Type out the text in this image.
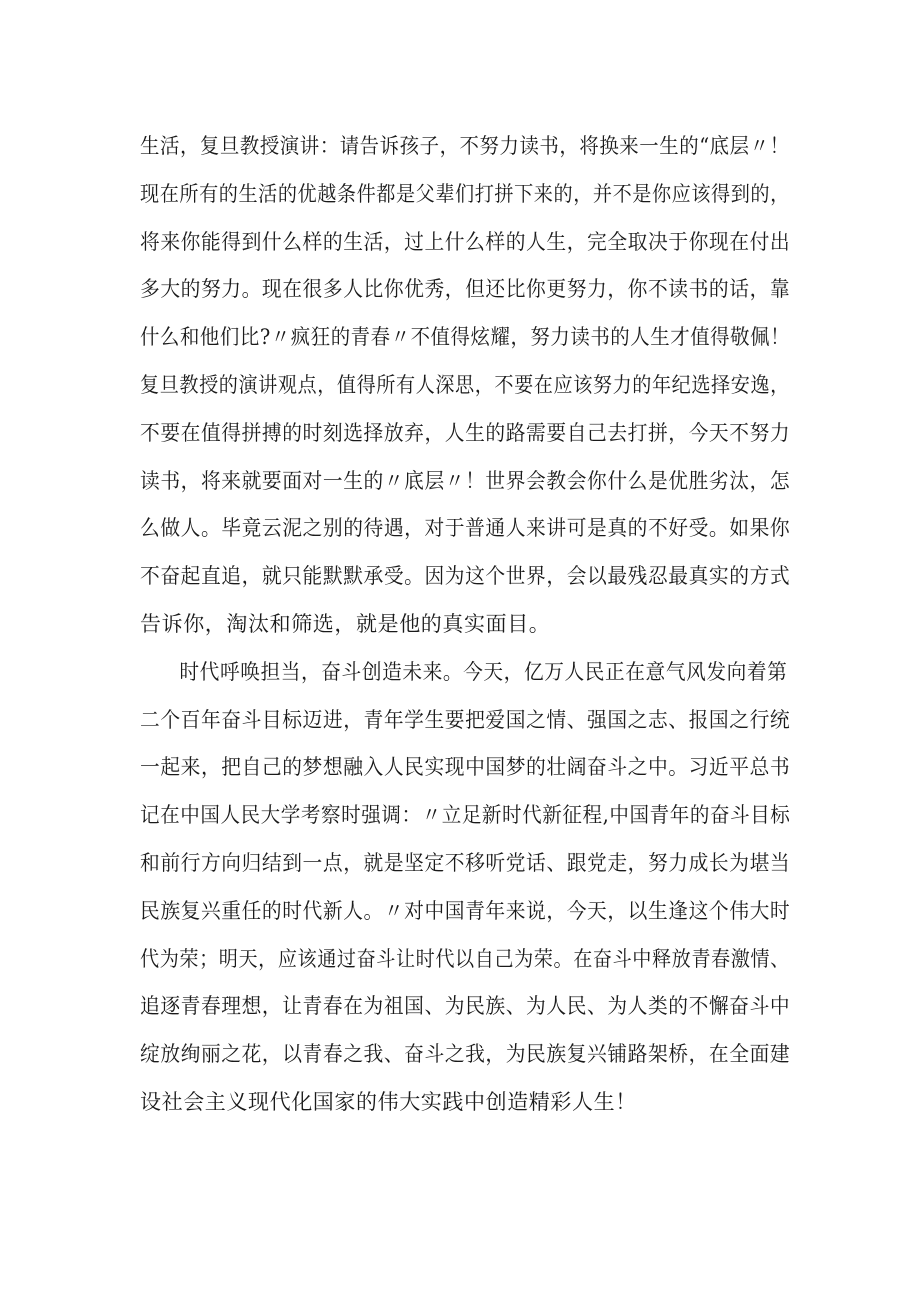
生活，复旦教授演讲：请告诉孩子，不努力读书，将换来一生的“底层〃！
现在所有的生活的优越条件都是父辈们打拼下来的，并不是你应该得到的，
将来你能得到什么样的生活，过上什么样的人生，完全取决于你现在付出
多大的努力。现在很多人比你优秀，但还比你更努力，你不读书的话，靠
什么和他们比?〃疯狂的青春〃不值得炫耀，努力读书的人生才值得敬佩！
复旦教授的演讲观点，值得所有人深思，不要在应该努力的年纪选择安逸，
不要在值得拼搏的时刻选择放弃，人生的路需要自己去打拼，今天不努力
读书，将来就要面对一生的〃底层〃！世界会教会你什么是优胜劣汰，怎
么做人。毕竟云泥之别的待遇，对于普通人来讲可是真的不好受。如果你
不奋起直追，就只能默默承受。因为这个世界，会以最残忍最真实的方式
告诉你，淘汰和筛选，就是他的真实面目。
时代呼唤担当，奋斗创造未来。今天，亿万人民正在意气风发向着第
二个百年奋斗目标迈进，青年学生要把爱国之情、强国之志、报国之行统
一起来，把自己的梦想融入人民实现中国梦的壮阔奋斗之中。习近平总书
记在中国人民大学考察时强调：〃立足新时代新征程,中国青年的奋斗目标
和前行方向归结到一点，就是坚定不移听党话、跟党走，努力成长为堪当
民族复兴重任的时代新人。〃对中国青年来说，今天，以生逢这个伟大时
代为荣；明天，应该通过奋斗让时代以自己为荣。在奋斗中释放青春激情、
追逐青春理想，让青春在为祖国、为民族、为人民、为人类的不懈奋斗中
绽放绚丽之花，以青春之我、奋斗之我，为民族复兴铺路架桥，在全面建
设社会主义现代化国家的伟大实践中创造精彩人生！
